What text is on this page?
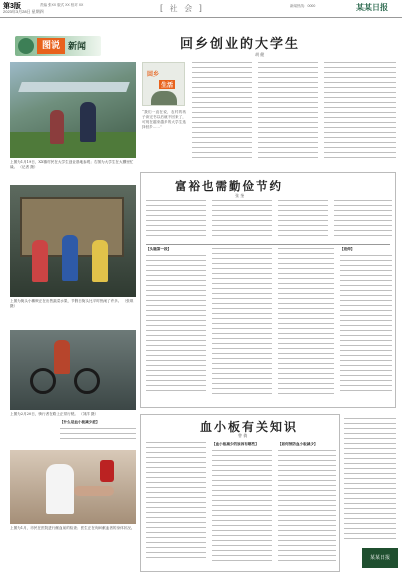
第3版
2023年3月28日 星期四
责编 张XX 版式 XX 校对 XX	[ 社 会 ]	新闻热线：0000	某某日报
图说 新闻	回乡创业的大学生
胡 健
上图为1月19日，XX镇村民在大学生创业基地参观；右图为大学生在大棚里忙碌。 （记者 摄）
回乡
生活
“我们一直在说，农村的孩子读完书以后就不回来了，可现在越来越多的大学生选择回乡……”
富裕也需勤俭节约
张 奎
上图为街头小摊贩正在出售蔬菜水果，节假日街头比平时热闹了许多。 （张琪 摄）
【头题第一段】	【延伸】
上图为2月20日，骑行者在路上正常行驶。 （刘洋 摄）
【什么是血小板减少症】	血小板有关知识
曾 倩
【血小板减少的原因有哪些】	【如何预防血小板减少】
上图为1月，市民在医院进行献血前的检查；医生正在询问献血者的身体状况。
某某日报
